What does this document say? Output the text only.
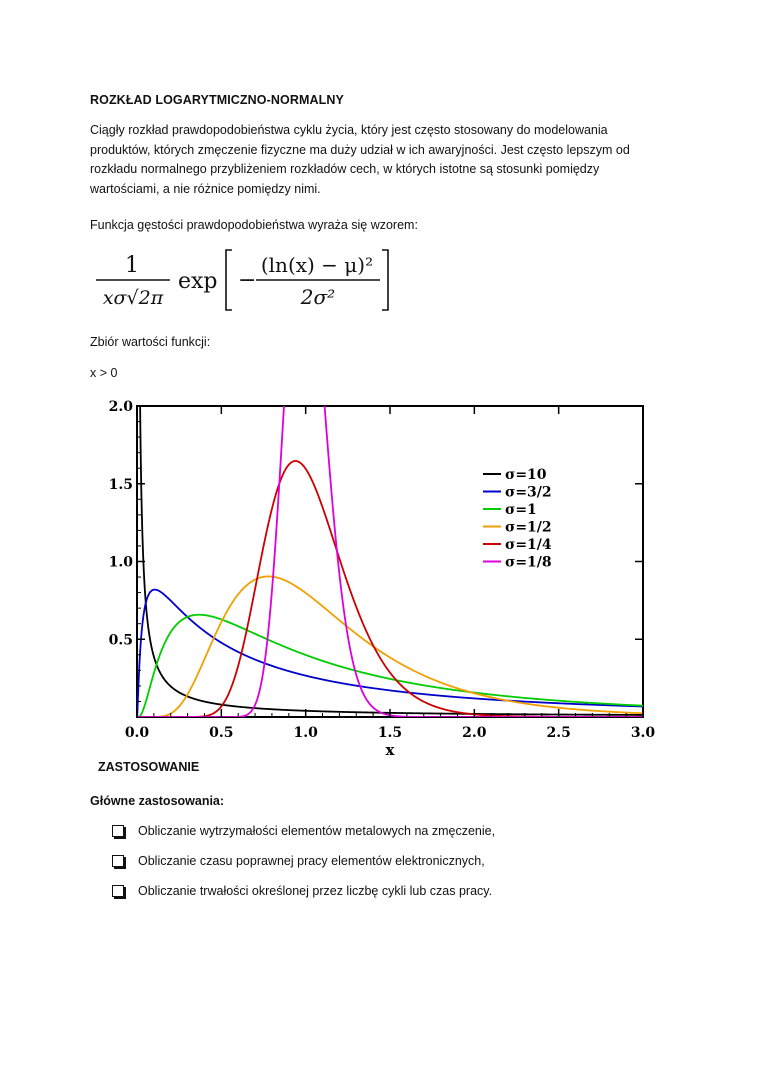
ROZKŁAD LOGARYTMICZNO-NORMALNY
Ciągły rozkład prawdopodobieństwa cyklu życia, który jest często stosowany do modelowania
produktów, których zmęczenie fizyczne ma duży udział w ich awaryjności. Jest często lepszym od
rozkładu normalnego przybliżeniem rozkładów cech, w których istotne są stosunki pomiędzy
wartościami, a nie różnice pomiędzy nimi.
Funkcja gęstości prawdopodobieństwa wyraża się wzorem:
1
xσ√2π
exp −
(ln(x) − μ)²
2σ²
Zbiór wartości funkcji:
x > 0
0.0	0.5	1.0	1.5	2.0	2.5	3.0
0.5
1.0
1.5
2.0
σ=10
σ=3/2
σ=1
σ=1/2
σ=1/4
σ=1/8
x
ZASTOSOWANIE
Główne zastosowania:
Obliczanie wytrzymałości elementów metalowych na zmęczenie,
Obliczanie czasu poprawnej pracy elementów elektronicznych,
Obliczanie trwałości określonej przez liczbę cykli lub czas pracy.
